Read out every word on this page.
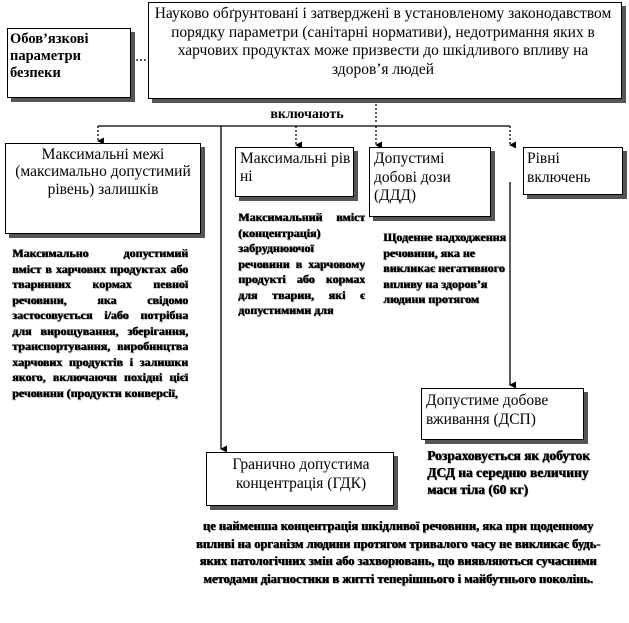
Обов’язкові параметри безпеки
Науково обґрунтовані і затверджені в установленому законодавством порядку параметри (санітарні нормативи), недотримання яких в харчових продуктах може призвести до шкідливого впливу на здоров’я людей
включають
Максимальні межі (максимально допустимий рівень) залишків
Максимальні рівні
Допустимі добові дози (ДДД)
Рівні включень
Максимально допустимий вміст в харчових продуктах або тваринних кормах певної речовини, яка свідомо застосовується і/або потрібна для вирощування, зберігання, транспортування, виробництва харчових продуктів і залишки якого, включаючи похідні цієї речовини (продукти конверсії,
Максимальний вміст (концентрація) забруднюючої речовини в харчовому продукті або кормах для тварин, які є допустимими для
Щоденне надходження речовини, яка не викликає негативного впливу на здоров’я людини протягом
Допустиме добове вживання (ДСП)
Розраховується як добуток ДСД на середню величину маси тіла (60 кг)
Гранично допустима концентрація (ГДК)
це найменша концентрація шкідливої речовини, яка при щоденному впливі на організм людини протягом тривалого часу не викликає будь-яких патологічних змін або захворювань, що виявляються сучасними методами діагностики в житті теперішнього і майбутнього поколінь.
